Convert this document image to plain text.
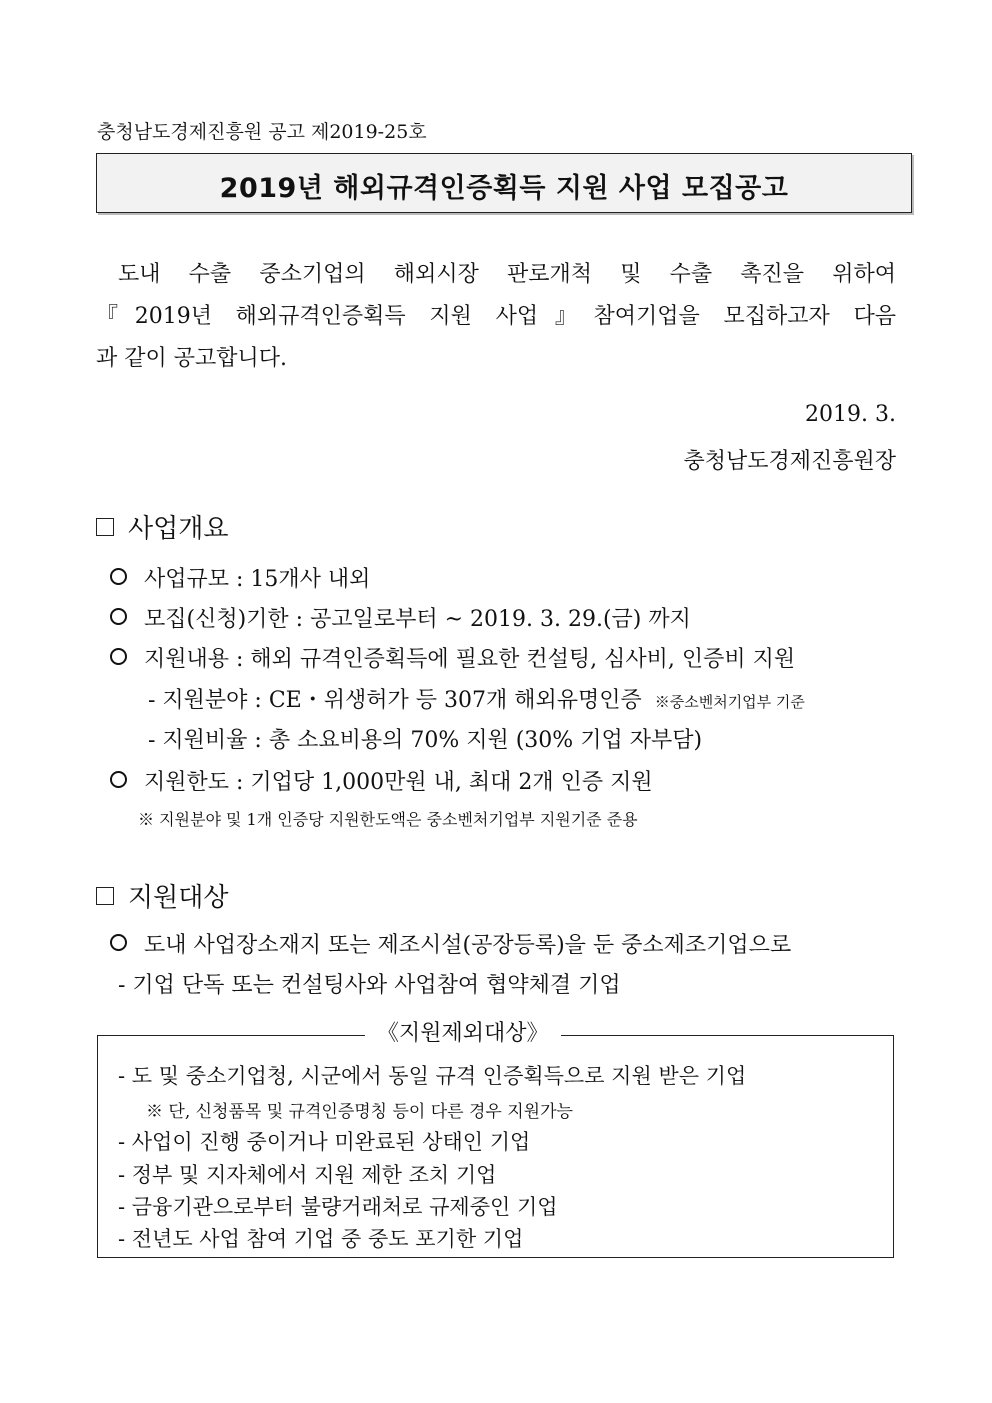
충청남도경제진흥원 공고 제2019-25호
2019년 해외규격인증획득 지원 사업 모집공고
도내 수출 중소기업의 해외시장 판로개척 및 수출 촉진을 위하여
『2019년 해외규격인증획득 지원 사업』참여기업을 모집하고자 다음
과 같이 공고합니다.
2019. 3.
충청남도경제진흥원장
사업개요
사업규모 : 15개사 내외
모집(신청)기한 : 공고일로부터 ~ 2019. 3. 29.(금) 까지
지원내용 : 해외 규격인증획득에 필요한 컨설팅, 심사비, 인증비 지원
- 지원분야 : CE・위생허가 등 307개 해외유명인증 ※중소벤처기업부 기준
- 지원비율 : 총 소요비용의 70% 지원 (30% 기업 자부담)
지원한도 : 기업당 1,000만원 내, 최대 2개 인증 지원
※ 지원분야 및 1개 인증당 지원한도액은 중소벤처기업부 지원기준 준용
지원대상
도내 사업장소재지 또는 제조시설(공장등록)을 둔 중소제조기업으로
- 기업 단독 또는 컨설팅사와 사업참여 협약체결 기업
《지원제외대상》
- 도 및 중소기업청, 시군에서 동일 규격 인증획득으로 지원 받은 기업
※ 단, 신청품목 및 규격인증명칭 등이 다른 경우 지원가능
- 사업이 진행 중이거나 미완료된 상태인 기업
- 정부 및 지자체에서 지원 제한 조치 기업
- 금융기관으로부터 불량거래처로 규제중인 기업
- 전년도 사업 참여 기업 중 중도 포기한 기업
